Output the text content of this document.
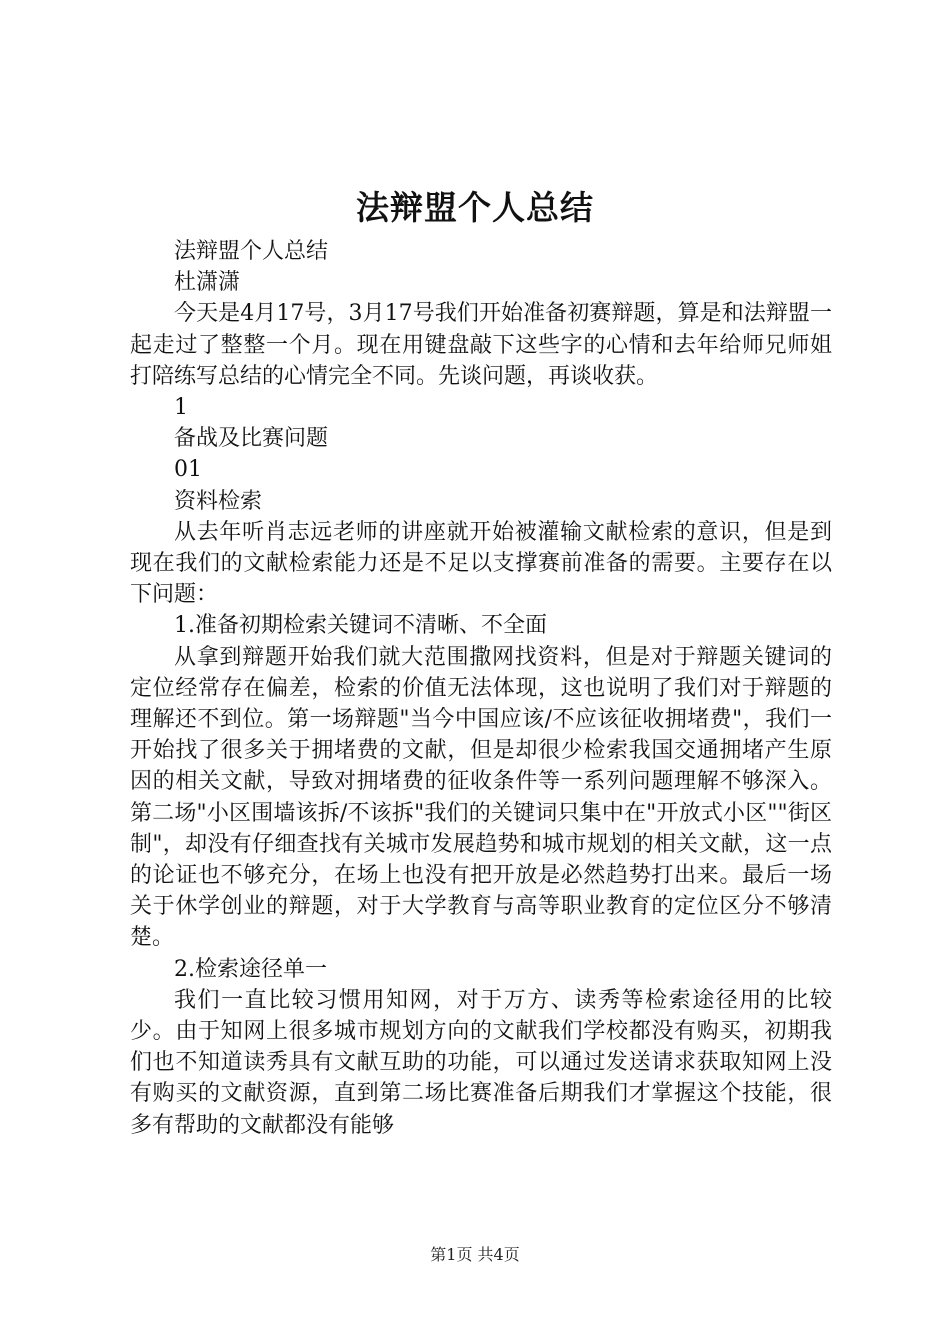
法辩盟个人总结

法辩盟个人总结

杜潇潇

今天是4月17号，3月17号我们开始准备初赛辩题，算是和法辩盟一起走过了整整一个月。现在用键盘敲下这些字的心情和去年给师兄师姐打陪练写总结的心情完全不同。先谈问题，再谈收获。

1

备战及比赛问题

01

资料检索

从去年听肖志远老师的讲座就开始被灌输文献检索的意识，但是到现在我们的文献检索能力还是不足以支撑赛前准备的需要。主要存在以下问题：

1.准备初期检索关键词不清晰、不全面

从拿到辩题开始我们就大范围撒网找资料，但是对于辩题关键词的定位经常存在偏差，检索的价值无法体现，这也说明了我们对于辩题的理解还不到位。第一场辩题"当今中国应该/不应该征收拥堵费"，我们一开始找了很多关于拥堵费的文献，但是却很少检索我国交通拥堵产生原因的相关文献，导致对拥堵费的征收条件等一系列问题理解不够深入。第二场"小区围墙该拆/不该拆"我们的关键词只集中在"开放式小区""街区制"，却没有仔细查找有关城市发展趋势和城市规划的相关文献，这一点的论证也不够充分，在场上也没有把开放是必然趋势打出来。最后一场关于休学创业的辩题，对于大学教育与高等职业教育的定位区分不够清楚。

2.检索途径单一

我们一直比较习惯用知网，对于万方、读秀等检索途径用的比较少。由于知网上很多城市规划方向的文献我们学校都没有购买，初期我们也不知道读秀具有文献互助的功能，可以通过发送请求获取知网上没有购买的文献资源，直到第二场比赛准备后期我们才掌握这个技能，很多有帮助的文献都没有能够

第1页 共4页
